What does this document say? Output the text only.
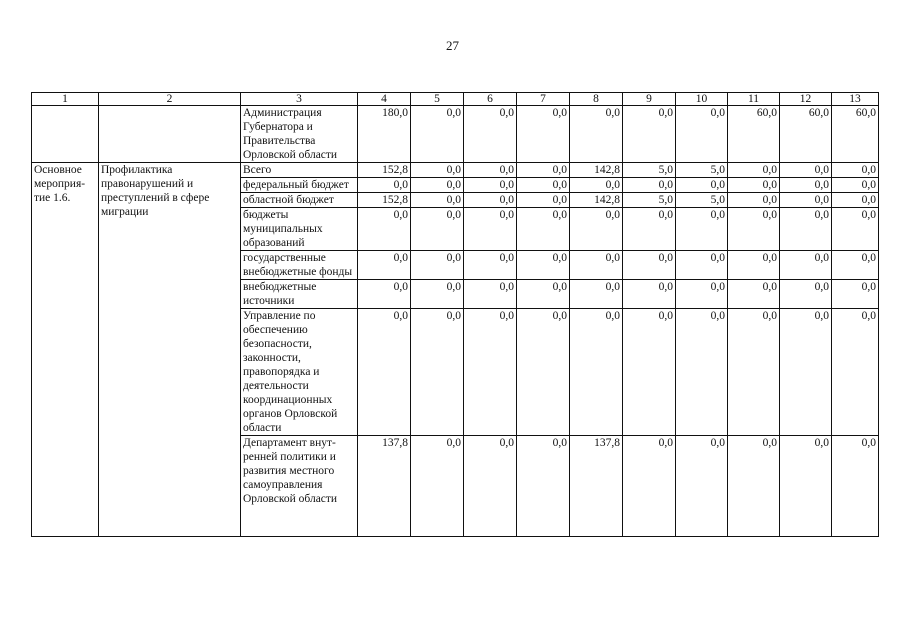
27
1	2	3	4	5	6	7	8	9	10	11	12	13
		Администрация Губернатора и Правительства Орловской области	180,0	0,0	0,0	0,0	0,0	0,0	0,0	60,0	60,0	60,0
Основное мероприя-тие 1.6.	Профилактика правонарушений и преступлений в сфере миграции	Всего	152,8	0,0	0,0	0,0	142,8	5,0	5,0	0,0	0,0	0,0
		федеральный бюджет	0,0	0,0	0,0	0,0	0,0	0,0	0,0	0,0	0,0	0,0
		областной бюджет	152,8	0,0	0,0	0,0	142,8	5,0	5,0	0,0	0,0	0,0
		бюджеты муниципальных образований	0,0	0,0	0,0	0,0	0,0	0,0	0,0	0,0	0,0	0,0
		государственные внебюджетные фонды	0,0	0,0	0,0	0,0	0,0	0,0	0,0	0,0	0,0	0,0
		внебюджетные источники	0,0	0,0	0,0	0,0	0,0	0,0	0,0	0,0	0,0	0,0
		Управление по обеспечению безопасности, законности, правопорядка и деятельности координационных органов Орловской области	0,0	0,0	0,0	0,0	0,0	0,0	0,0	0,0	0,0	0,0
		Департамент внут-ренней политики и развития местного самоуправления Орловской области	137,8	0,0	0,0	0,0	137,8	0,0	0,0	0,0	0,0	0,0
